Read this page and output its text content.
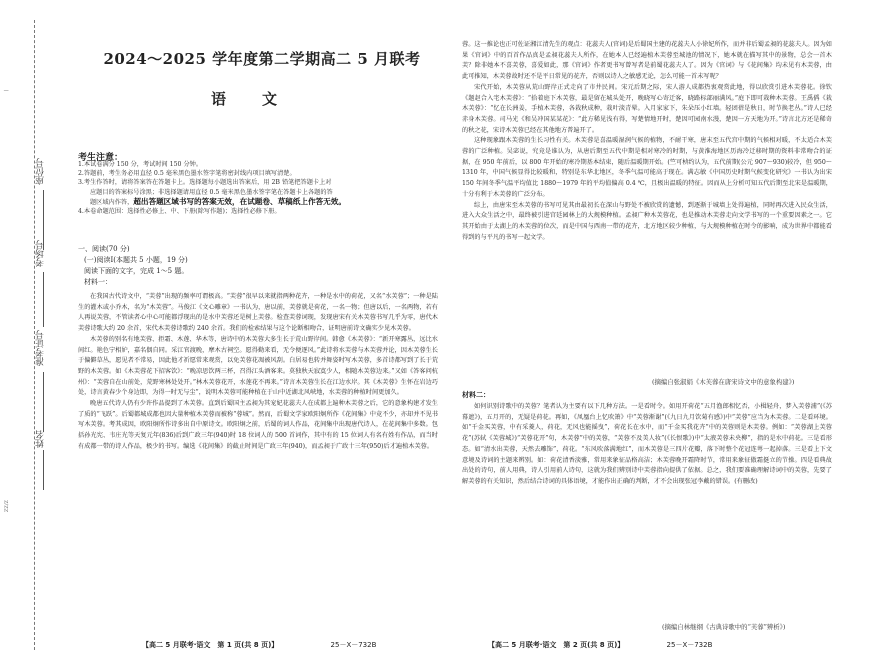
∣
座位号
考场号
准考证号
姓名
ZZ/Z
2024～2025 学年度第二学期高二 5 月联考
语文
考生注意：
1.本试卷满分 150 分，考试时间 150 分钟。
2.答题前，考生务必用直径 0.5 毫米黑色墨水签字笔将密封线内项目填写清楚。
3.考生作答时，请将答案答在答题卡上。选择题每小题选出答案后，用 2B 铅笔把答题卡上对
应题目的答案标号涂黑；非选择题请用直径 0.5 毫米黑色墨水签字笔在答题卡上各题的答
题区域内作答，超出答题区域书写的答案无效，在试题卷、草稿纸上作答无效。
4.本卷命题范围：选择性必修上、中、下册(除写作题)；选择性必修下册。
一、阅读(70 分)
(一)阅读Ⅰ(本题共 5 小题，19 分)
阅读下面的文字，完成 1～5 题。
材料一：

在我国古代诗文中，“芙蓉”出现的频率可谓极高。“芙蓉”很早以来就指两种花卉，一种是水中的荷花，又名“水芙蓉”；一种是陆生的灌木或小乔木，名为“木芙蓉”。马俊江《文心雕章》一书认为，唐以前，芙蓉就是荷花，一名一物；但唐以后，一名两物，若有人再说芙蓉，不管读者心中心可能都浮现出的是水中芙蓉还是树上芙蓉。检查芙蓉词现，发现唐宋有关木芙蓉书写几乎为零，唐代木芙蓉诗歌大约 20 余首，宋代木芙蓉诗歌约 240 余首。我们的检索结果与这个论断相吻合，证明唐前诗文确实少见木芙蓉。

木芙蓉的别名有地芙蓉、拒霜、木莲、华木等，唐诗中的木芙蓉大多生长于荒山野岸间。韩愈《木芙蓉》：“新开寒露丛，远比水间红。艳色宁相妒，嘉名偶自同。采江官渡晚，摩木古祠空。愿得勤来看，无令便逐风。”此诗将水芙蓉与木芙蓉并论，因木芙蓉生长于偏僻草丛，愿见者不常易，因此他才祈愿常来观赏，以免芙蓉花凋被风刮。白居易也转并舞姿时写木芙蓉，多首诗都写到了长于荒野的木芙蓉。如《木芙蓉花下招客饮》：“晚凉思饮两三杯，召得江头酒客来。莫独秋天寂寞少人，相随木芙蓉边来。”又如《答客问杭州》：“芙蓉自在山前处，荒野寒林处处开。”林木芙蓉花开，水莲花不再来。”诗言木芙蓉生长在江边水岸。其《木芙蓉》生怀在岩边巧处，诗言黄春少个身边即，为得一时无与尘”，说明木芙蓉可能种植在于山中近湖北风峡地，水芙蓉的种植时间更加久。

晚唐五代诗人仍有少许作品提到了木芙蓉。直到后蜀国主孟昶为其宠妃花蕊夫人在成都上遍种木芙蓉之后，它的意象构建才发生了质的“飞跃”。后蜀都城成都也因大量种植木芙蓉而被称“蓉城”。然而，后蜀文学家欧阳炯所作《花间集》中竟不少，亦却并不见书写木芙蓉。考其成因，欧阳炯所作诗多出自中原诗文。欧阳炯之前，后蜀的词人作品，花间集中出现唐代诗人，在花间集中多数。包括孙光宪、韦庄光等天复元年(836)后到广政三年(940)时 18 位词人的 500 首词作，其中有的 15 位词人有名有姓有作品，而当时有成都一带的诗人作品，极少的书写。编选《花间集》的截止时间是广政三年(940)，而孟昶于广政十三年(950)后才遍植木芙蓉。

【高二 5 月联考·语文　第 1 页(共 8 页)】	25－X－732B

蓉。这一推论也正可佐证湘江清先生的观点：花蕊夫人(官词)是后蜀国主建的花蕊夫人小徐妃所作，而并非后蜀孟昶的花蕊夫人。因为如果《官词》中的百首作品真是孟昶花蕊夫人所作，在她本人已经遍植木芙蓉至城池的情况下，她本就在描写其中的景物，总会一首木芙？除非她本不喜芙蓉，喜爱如此，那《官词》作者更书写曾写者是前蜀花蕊夫人了。因为《官词》与《花间集》均未见有木芙蓉，由此可推知，木芙蓉故时还不是平日常见的花卉，否则以诗人之敏感无论，怎么可能一首未写呢？

宋代开始，木芙蓉从荒山野岸正式走向了市井民间。宋元后期之际，宋人游人成都热衷观赏此地，得以欣赏引进木芙蓉花。徐钦《题赵合入宅木芙蓉》：“拾着庭下木芙蓉，最是留在城头处开，晚晓写心寄迁客，晓路标部丽满风。”庭下即可栽种木芙蓉。王禹偁《栽木芙蓉》：“忆在长洲姜，手植木芙蓉，各栽秋成种，栽叶淡青晕。入月家家下，朱朵压小红墙。轻团蓓是秋日，时节换老丛。”诗人已经赤身木芙蓉。司马光《和吴冲国某某花》：“此方稀见浅有得，写楚情地开时，楚因可园南水漫，楚因一方天地为开。”诗言北方还是稀奇的秋之花，宋诗木芙蓉已经在其他地方普遍开了。

这种现象跟木芙蓉的生长习性有关。木芙蓉是喜温暖湿润气候的植物，不耐干寒，唐末至五代宫中期的气候相对暖，不太适合木芙蓉的广泛种植。吴宓说，究竟是谁认为，从唐后期至五代中期是相对寒冷的时期，与黄淮海地区历海冷迁移时期的资料非常吻合的证据，在 950 年前后，以 800 年开始的寒冷期基本结束，随后温暖期开始。(竺可桢约认为，五代前期(公元 907～930)较冷，但 950～1310 年，中国气候显得比较暖和，特别是东华北地区，冬季气温可能高于现在。满志敏《中国历史时期气候变化研究》一书认为出宋 150 年间冬季气温平均值比 1880～1979 年的平均值偏高 0.4 ℃，且极出温暖的特征。因而从上分析可知五代后期至北宋是温暖期，十分有利于木芙蓉的广泛分布。

综上，由唐宋至木芙蓉的书写可见其由最初长在深山与野处不被欣赏的遗憾，到逐渐于城墙上处得遍植，同时再次进入民众生活，进入大众生活之中，最终被引进宫廷园林上的大规模种植。孟昶广种木芙蓉花，也是推动木芙蓉走向文学书写的一个重要因素之一。它其开始由于太湖上的木芙蓉的位次，而是中国与西南一带的花卉，北方地区较少种植，与大规模种植在时令的影响，成为世界中都能看得到的与平凡的书写一起文学。

(摘编自张淑娟《木芙蓉在唐宋诗文中的意象构建》)
材料二：

如何识别诗歌中的芙蓉？笔者认为主要有以下几种方法。一是看时令。如用开荷花“五月渔郎相忆否，小楫轻舟，梦入芙蓉浦”(《苏幕遮》)，五月开的，无疑是荷花。再如，《凤凰台上忆吹箫》中“芙蓉渐谢”(《九日九月饮菊有感》)中“芙蓉”应当为木芙蓉。二是看环境。如“千金买芙蓉，中有采菱人，荷花，无风也能摇曳”，荷花长在水中，而“千金买我花卉”中的芙蓉则是木芙蓉。例如：“芙蓉湖上芙蓉花”(苏轼《芙蓉城》)“芙蓉花开”句，木芙蓉”中的芙蓉，“芙蓉不及美人妆”(《长恨歌》)中“太液芙蓉未央柳”，指的是水中荷花。三是看形态。如“清水出芙蓉，天然去雕饰”，荷花。“东风吹落满地红”，而木芙蓉是三四片花瓣，落下时整个花冠连萼一起掉落。三是看上下文意境及诗词的主题来辨别。如：荷花清香淡雅，常用来象征品格高洁；木芙蓉晚开霜降时节，常用来象征傲霜挺立的节操。四是看典故出处的诗句，前人用典，诗人引用前人诗句，这就为我们辨别诗中芙蓉指向提供了依据。总之，我们要准确理解诗词中的芙蓉，先要了解芙蓉的有关知识，然后结合诗词的具体语境，才能作出正确的判断，才不会出现张冠李戴的错误。(有删改)

(摘编自林继纲《古典诗歌中的“芙蓉”辨析》)
【高二 5 月联考·语文　第 2 页(共 8 页)】	25－X－732B
